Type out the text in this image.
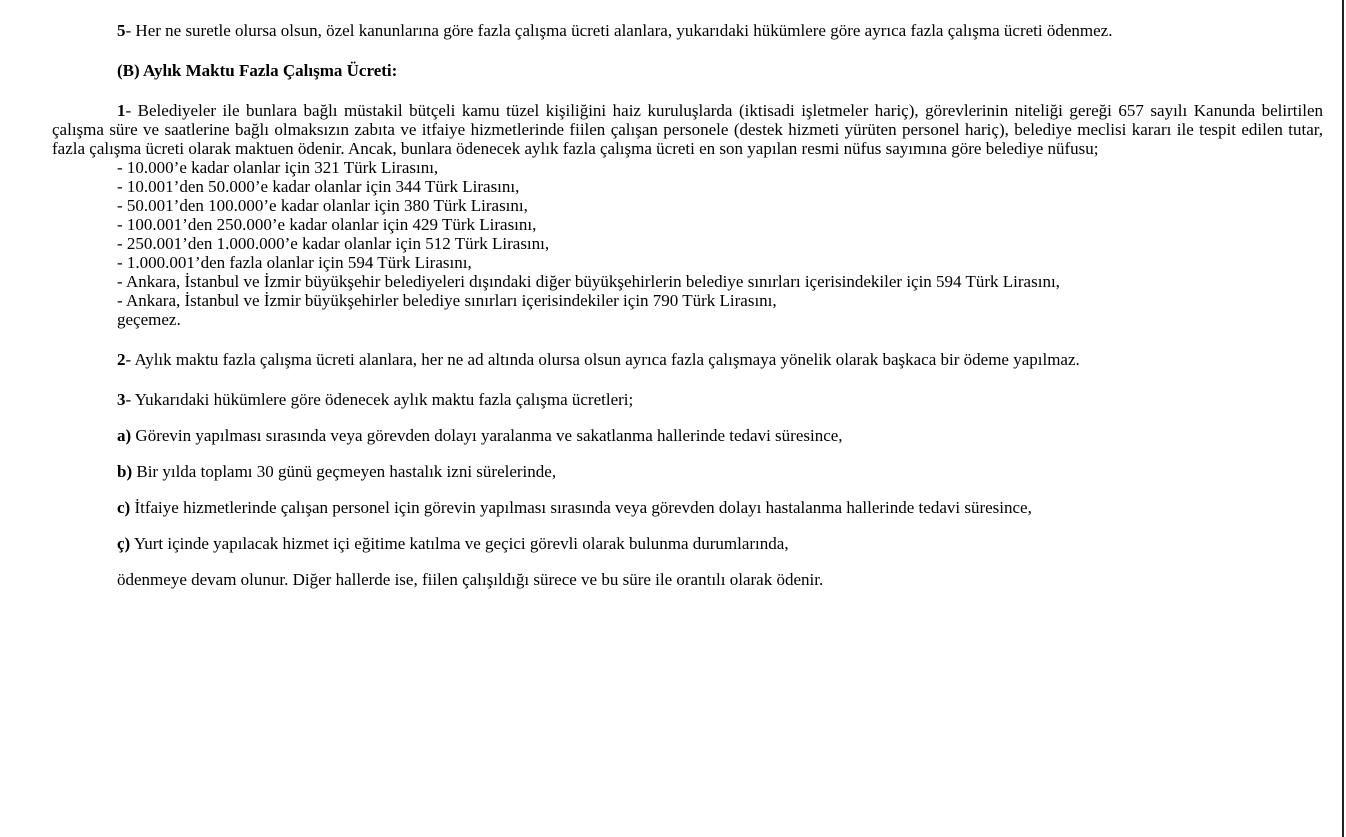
5- Her ne suretle olursa olsun, özel kanunlarına göre fazla çalışma ücreti alanlara, yukarıdaki hükümlere göre ayrıca fazla çalışma ücreti ödenmez.

(B) Aylık Maktu Fazla Çalışma Ücreti:

1- Belediyeler ile bunlara bağlı müstakil bütçeli kamu tüzel kişiliğini haiz kuruluşlarda (iktisadi işletmeler hariç), görevlerinin niteliği gereği 657 sayılı Kanunda belirtilen çalışma süre ve saatlerine bağlı olmaksızın zabıta ve itfaiye hizmetlerinde fiilen çalışan personele (destek hizmeti yürüten personel hariç), belediye meclisi kararı ile tespit edilen tutar, fazla çalışma ücreti olarak maktuen ödenir. Ancak, bunlara ödenecek aylık fazla çalışma ücreti en son yapılan resmi nüfus sayımına göre belediye nüfusu;

- 10.000’e kadar olanlar için 321 Türk Lirasını,

- 10.001’den 50.000’e kadar olanlar için 344 Türk Lirasını,

- 50.001’den 100.000’e kadar olanlar için 380 Türk Lirasını,

- 100.001’den 250.000’e kadar olanlar için 429 Türk Lirasını,

- 250.001’den 1.000.000’e kadar olanlar için 512 Türk Lirasını,

- 1.000.001’den fazla olanlar için 594 Türk Lirasını,

- Ankara, İstanbul ve İzmir büyükşehir belediyeleri dışındaki diğer büyükşehirlerin belediye sınırları içerisindekiler için 594 Türk Lirasını,

- Ankara, İstanbul ve İzmir büyükşehirler belediye sınırları içerisindekiler için 790 Türk Lirasını,

geçemez.

2- Aylık maktu fazla çalışma ücreti alanlara, her ne ad altında olursa olsun ayrıca fazla çalışmaya yönelik olarak başkaca bir ödeme yapılmaz.

3- Yukarıdaki hükümlere göre ödenecek aylık maktu fazla çalışma ücretleri;

a) Görevin yapılması sırasında veya görevden dolayı yaralanma ve sakatlanma hallerinde tedavi süresince,

b) Bir yılda toplamı 30 günü geçmeyen hastalık izni sürelerinde,

c) İtfaiye hizmetlerinde çalışan personel için görevin yapılması sırasında veya görevden dolayı hastalanma hallerinde tedavi süresince,

ç) Yurt içinde yapılacak hizmet içi eğitime katılma ve geçici görevli olarak bulunma durumlarında,

ödenmeye devam olunur. Diğer hallerde ise, fiilen çalışıldığı sürece ve bu süre ile orantılı olarak ödenir.
